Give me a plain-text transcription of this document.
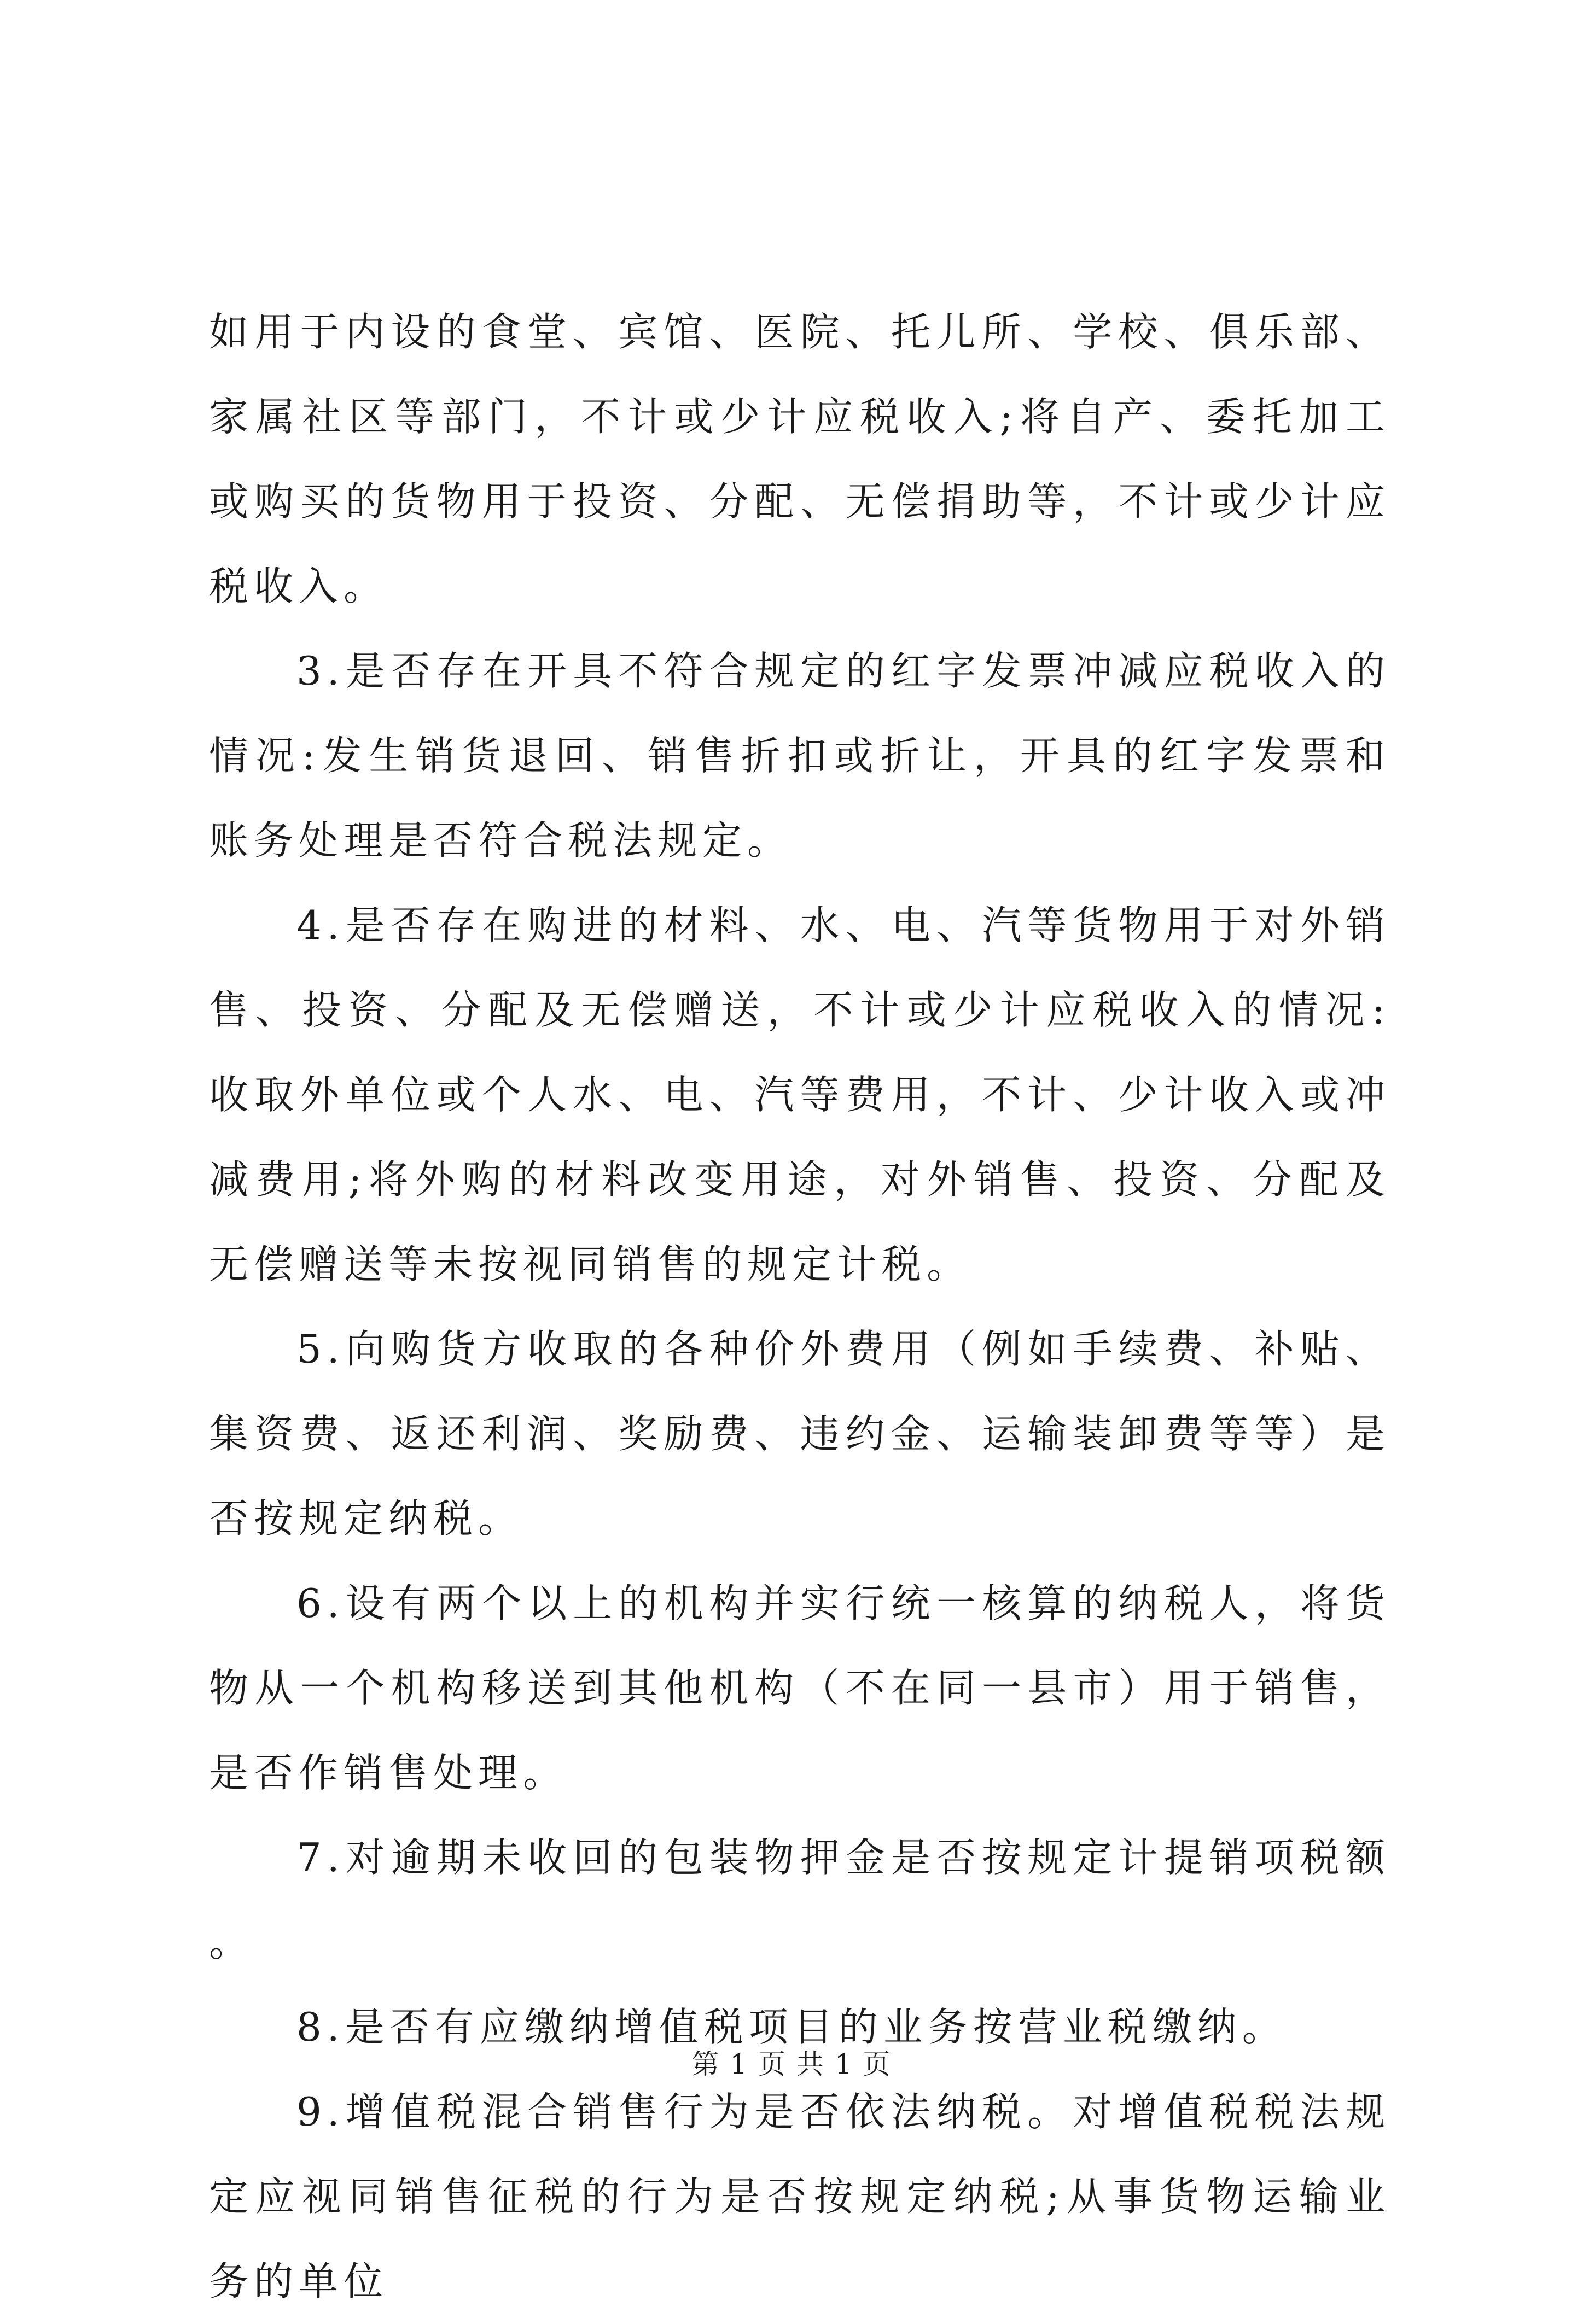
如用于内设的食堂、宾馆、医院、托儿所、学校、俱乐部、家属社区等部门，不计或少计应税收入;将自产、委托加工或购买的货物用于投资、分配、无偿捐助等，不计或少计应税收入。

3.是否存在开具不符合规定的红字发票冲减应税收入的情况:发生销货退回、销售折扣或折让，开具的红字发票和账务处理是否符合税法规定。

4.是否存在购进的材料、水、电、汽等货物用于对外销售、投资、分配及无偿赠送，不计或少计应税收入的情况:收取外单位或个人水、电、汽等费用，不计、少计收入或冲减费用;将外购的材料改变用途，对外销售、投资、分配及无偿赠送等未按视同销售的规定计税。

5.向购货方收取的各种价外费用（例如手续费、补贴、集资费、返还利润、奖励费、违约金、运输装卸费等等）是否按规定纳税。

6.设有两个以上的机构并实行统一核算的纳税人，将货物从一个机构移送到其他机构（不在同一县市）用于销售，是否作销售处理。

7.对逾期未收回的包装物押金是否按规定计提销项税额。

8.是否有应缴纳增值税项目的业务按营业税缴纳。

9.增值税混合销售行为是否依法纳税。对增值税税法规定应视同销售征税的行为是否按规定纳税;从事货物运输业务的单位

第 1 页 共 1 页
